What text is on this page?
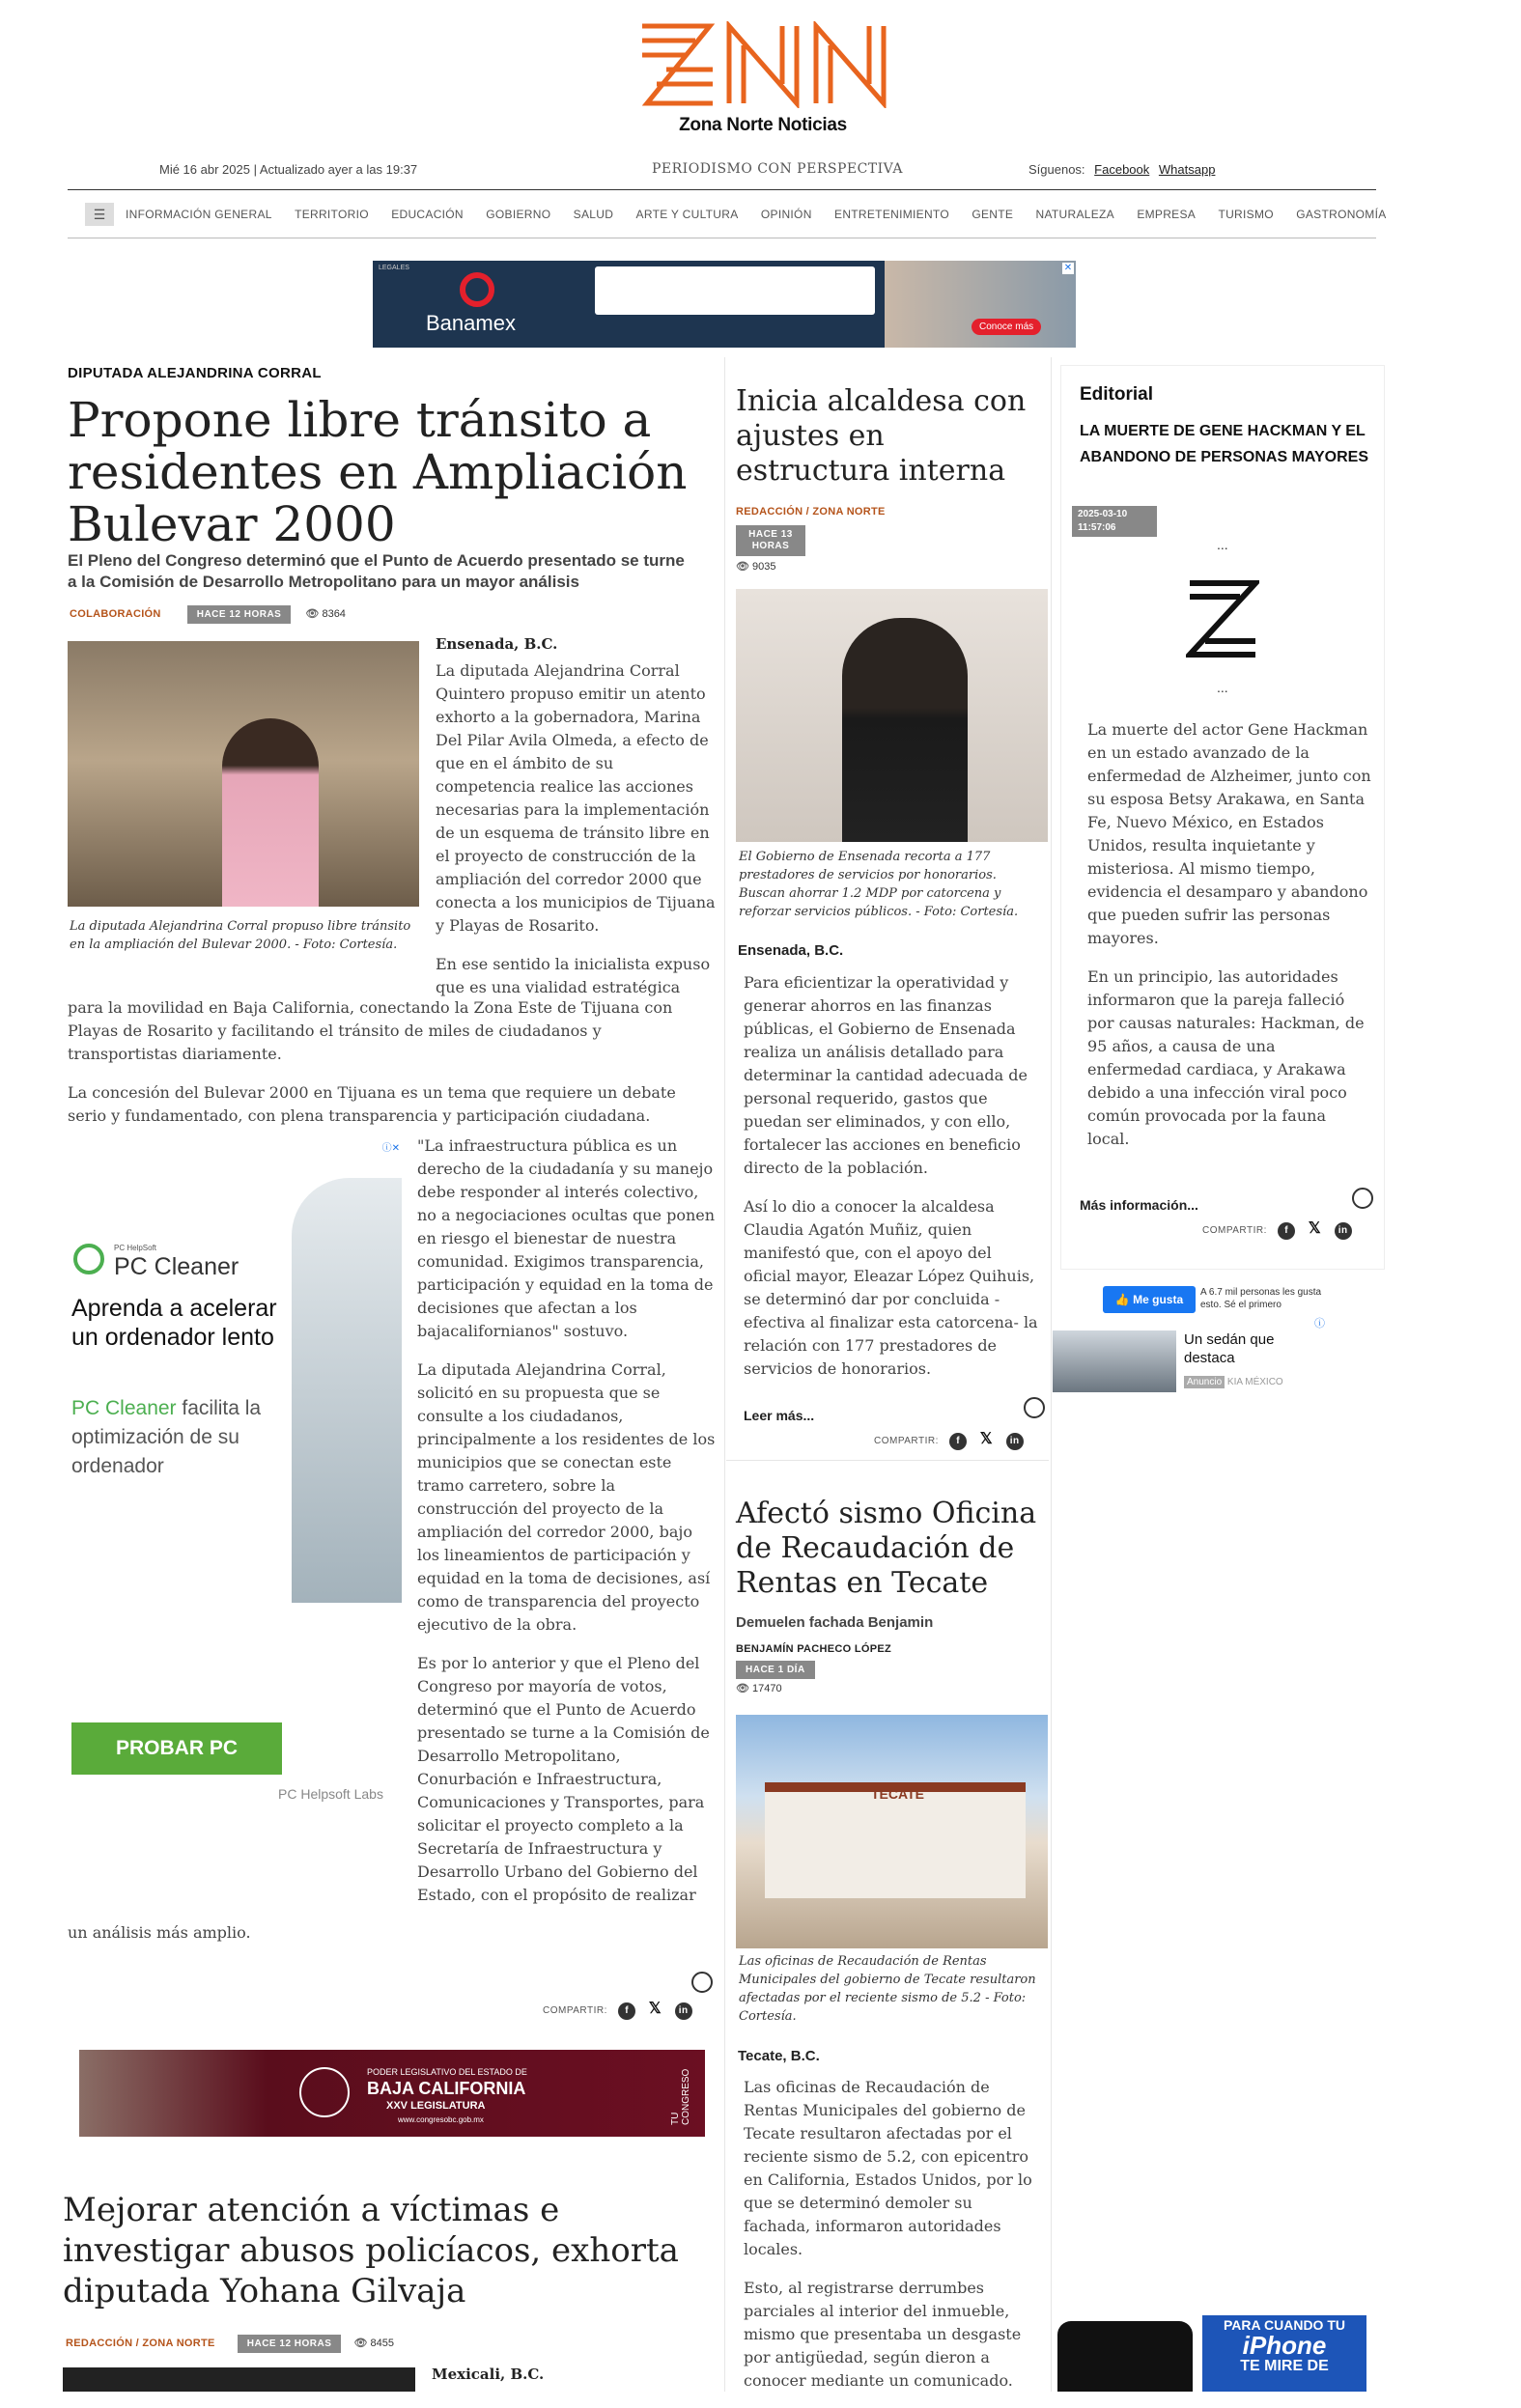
Zona Norte Noticias
Mié 16 abr 2025 | Actualizado ayer a las 19:37	PERIODISMO CON PERSPECTIVA	Síguenos: Facebook Whatsapp
☰	INFORMACIÓN GENERAL TERRITORIO EDUCACIÓN GOBIERNO SALUD ARTE Y CULTURA OPINIÓN ENTRETENIMIENTO GENTE NATURALEZA EMPRESA TURISMO GASTRONOMÍA
LEGALES
Banamex	Conoce más
✕
DIPUTADA ALEJANDRINA CORRAL
Propone libre tránsito a residentes en Ampliación Bulevar 2000
El Pleno del Congreso determinó que el Punto de Acuerdo presentado se turne a la Comisión de Desarrollo Metropolitano para un mayor análisis
COLABORACIÓN	HACE 12 HORAS 👁 8364
La diputada Alejandrina Corral propuso libre tránsito en la ampliación del Bulevar 2000. - Foto: Cortesía.
Ensenada, B.C.

La diputada Alejandrina Corral Quintero propuso emitir un atento exhorto a la gobernadora, Marina Del Pilar Avila Olmeda, a efecto de que en el ámbito de su competencia realice las acciones necesarias para la implementación de un esquema de tránsito libre en el proyecto de construcción de la ampliación del corredor 2000 que conecta a los municipios de Tijuana y Playas de Rosarito.

En ese sentido la inicialista expuso que es una vialidad estratégica

para la movilidad en Baja California, conectando la Zona Este de Tijuana con Playas de Rosarito y facilitando el tránsito de miles de ciudadanos y transportistas diariamente.

La concesión del Bulevar 2000 en Tijuana es un tema que requiere un debate serio y fundamentado, con plena transparencia y participación ciudadana.

ⓘ✕
PC HelpSoft
PC Cleaner
Aprenda a acelerar un ordenador lento
PC Cleaner facilita la optimización de su ordenador
PROBAR PC CLEANER	PC Helpsoft Labs

"La infraestructura pública es un derecho de la ciudadanía y su manejo debe responder al interés colectivo, no a negociaciones ocultas que ponen en riesgo el bienestar de nuestra comunidad. Exigimos transparencia, participación y equidad en la toma de decisiones que afectan a los bajacalifornianos" sostuvo.

La diputada Alejandrina Corral, solicitó en su propuesta que se consulte a los ciudadanos, principalmente a los residentes de los municipios que se conectan este tramo carretero, sobre la construcción del proyecto de la ampliación del corredor 2000, bajo los lineamientos de participación y equidad en la toma de decisiones, así como de transparencia del proyecto ejecutivo de la obra.

Es por lo anterior y que el Pleno del Congreso por mayoría de votos, determinó que el Punto de Acuerdo presentado se turne a la Comisión de Desarrollo Metropolitano, Conurbación e Infraestructura, Comunicaciones y Transportes, para solicitar el proyecto completo a la Secretaría de Infraestructura y Desarrollo Urbano del Gobierno del Estado, con el propósito de realizar

un análisis más amplio.
COMPARTIR: f 𝕏 in
PODER LEGISLATIVO DEL ESTADO DE
BAJA CALIFORNIA
XXV LEGISLATURA
www.congresobc.gob.mx	TU CONGRESO
Mejorar atención a víctimas e investigar abusos policíacos, exhorta diputada Yohana Gilvaja
REDACCIÓN / ZONA NORTE	HACE 12 HORAS 👁 8455
Mexicali, B.C.
Inicia alcaldesa con ajustes en estructura interna
REDACCIÓN / ZONA NORTE
HACE 13 HORAS
👁 9035
El Gobierno de Ensenada recorta a 177 prestadores de servicios por honorarios. Buscan ahorrar 1.2 MDP por catorcena y reforzar servicios públicos. - Foto: Cortesía.
Ensenada, B.C.

Para eficientizar la operatividad y generar ahorros en las finanzas públicas, el Gobierno de Ensenada realiza un análisis detallado para determinar la cantidad adecuada de personal requerido, gastos que puedan ser eliminados, y con ello, fortalecer las acciones en beneficio directo de la población.

Así lo dio a conocer la alcaldesa Claudia Agatón Muñiz, quien manifestó que, con el apoyo del oficial mayor, Eleazar López Quihuis, se determinó dar por concluida -efectiva al finalizar esta catorcena- la relación con 177 prestadores de servicios de honorarios.

Leer más...
COMPARTIR: f 𝕏 in
Afectó sismo Oficina de Recaudación de Rentas en Tecate
Demuelen fachada Benjamin
BENJAMÍN PACHECO LÓPEZ
HACE 1 DÍA
👁 17470
TECATE
Las oficinas de Recaudación de Rentas Municipales del gobierno de Tecate resultaron afectadas por el reciente sismo de 5.2 - Foto: Cortesía.
Tecate, B.C.

Las oficinas de Recaudación de Rentas Municipales del gobierno de Tecate resultaron afectadas por el reciente sismo de 5.2, con epicentro en California, Estados Unidos, por lo que se determinó demoler su fachada, informaron autoridades locales.

Esto, al registrarse derrumbes parciales al interior del inmueble, mismo que presentaba un desgaste por antigüedad, según dieron a conocer mediante un comunicado.

Editorial
LA MUERTE DE GENE HACKMAN Y EL ABANDONO DE PERSONAS MAYORES
2025-03-10
11:57:06
...
...

La muerte del actor Gene Hackman en un estado avanzado de la enfermedad de Alzheimer, junto con su esposa Betsy Arakawa, en Santa Fe, Nuevo México, en Estados Unidos, resulta inquietante y misteriosa. Al mismo tiempo, evidencia el desamparo y abandono que pueden sufrir las personas mayores.

En un principio, las autoridades informaron que la pareja falleció por causas naturales: Hackman, de 95 años, a causa de una enfermedad cardiaca, y Arakawa debido a una infección viral poco común provocada por la fauna local.

Más información...
COMPARTIR: f 𝕏 in
👍 Me gusta
A 6.7 mil personas les gusta esto. Sé el primero
ⓘ
Un sedán que destaca
Anuncio KIA MÉXICO
PARA CUANDO TU
iPhone
TE MIRE DE
